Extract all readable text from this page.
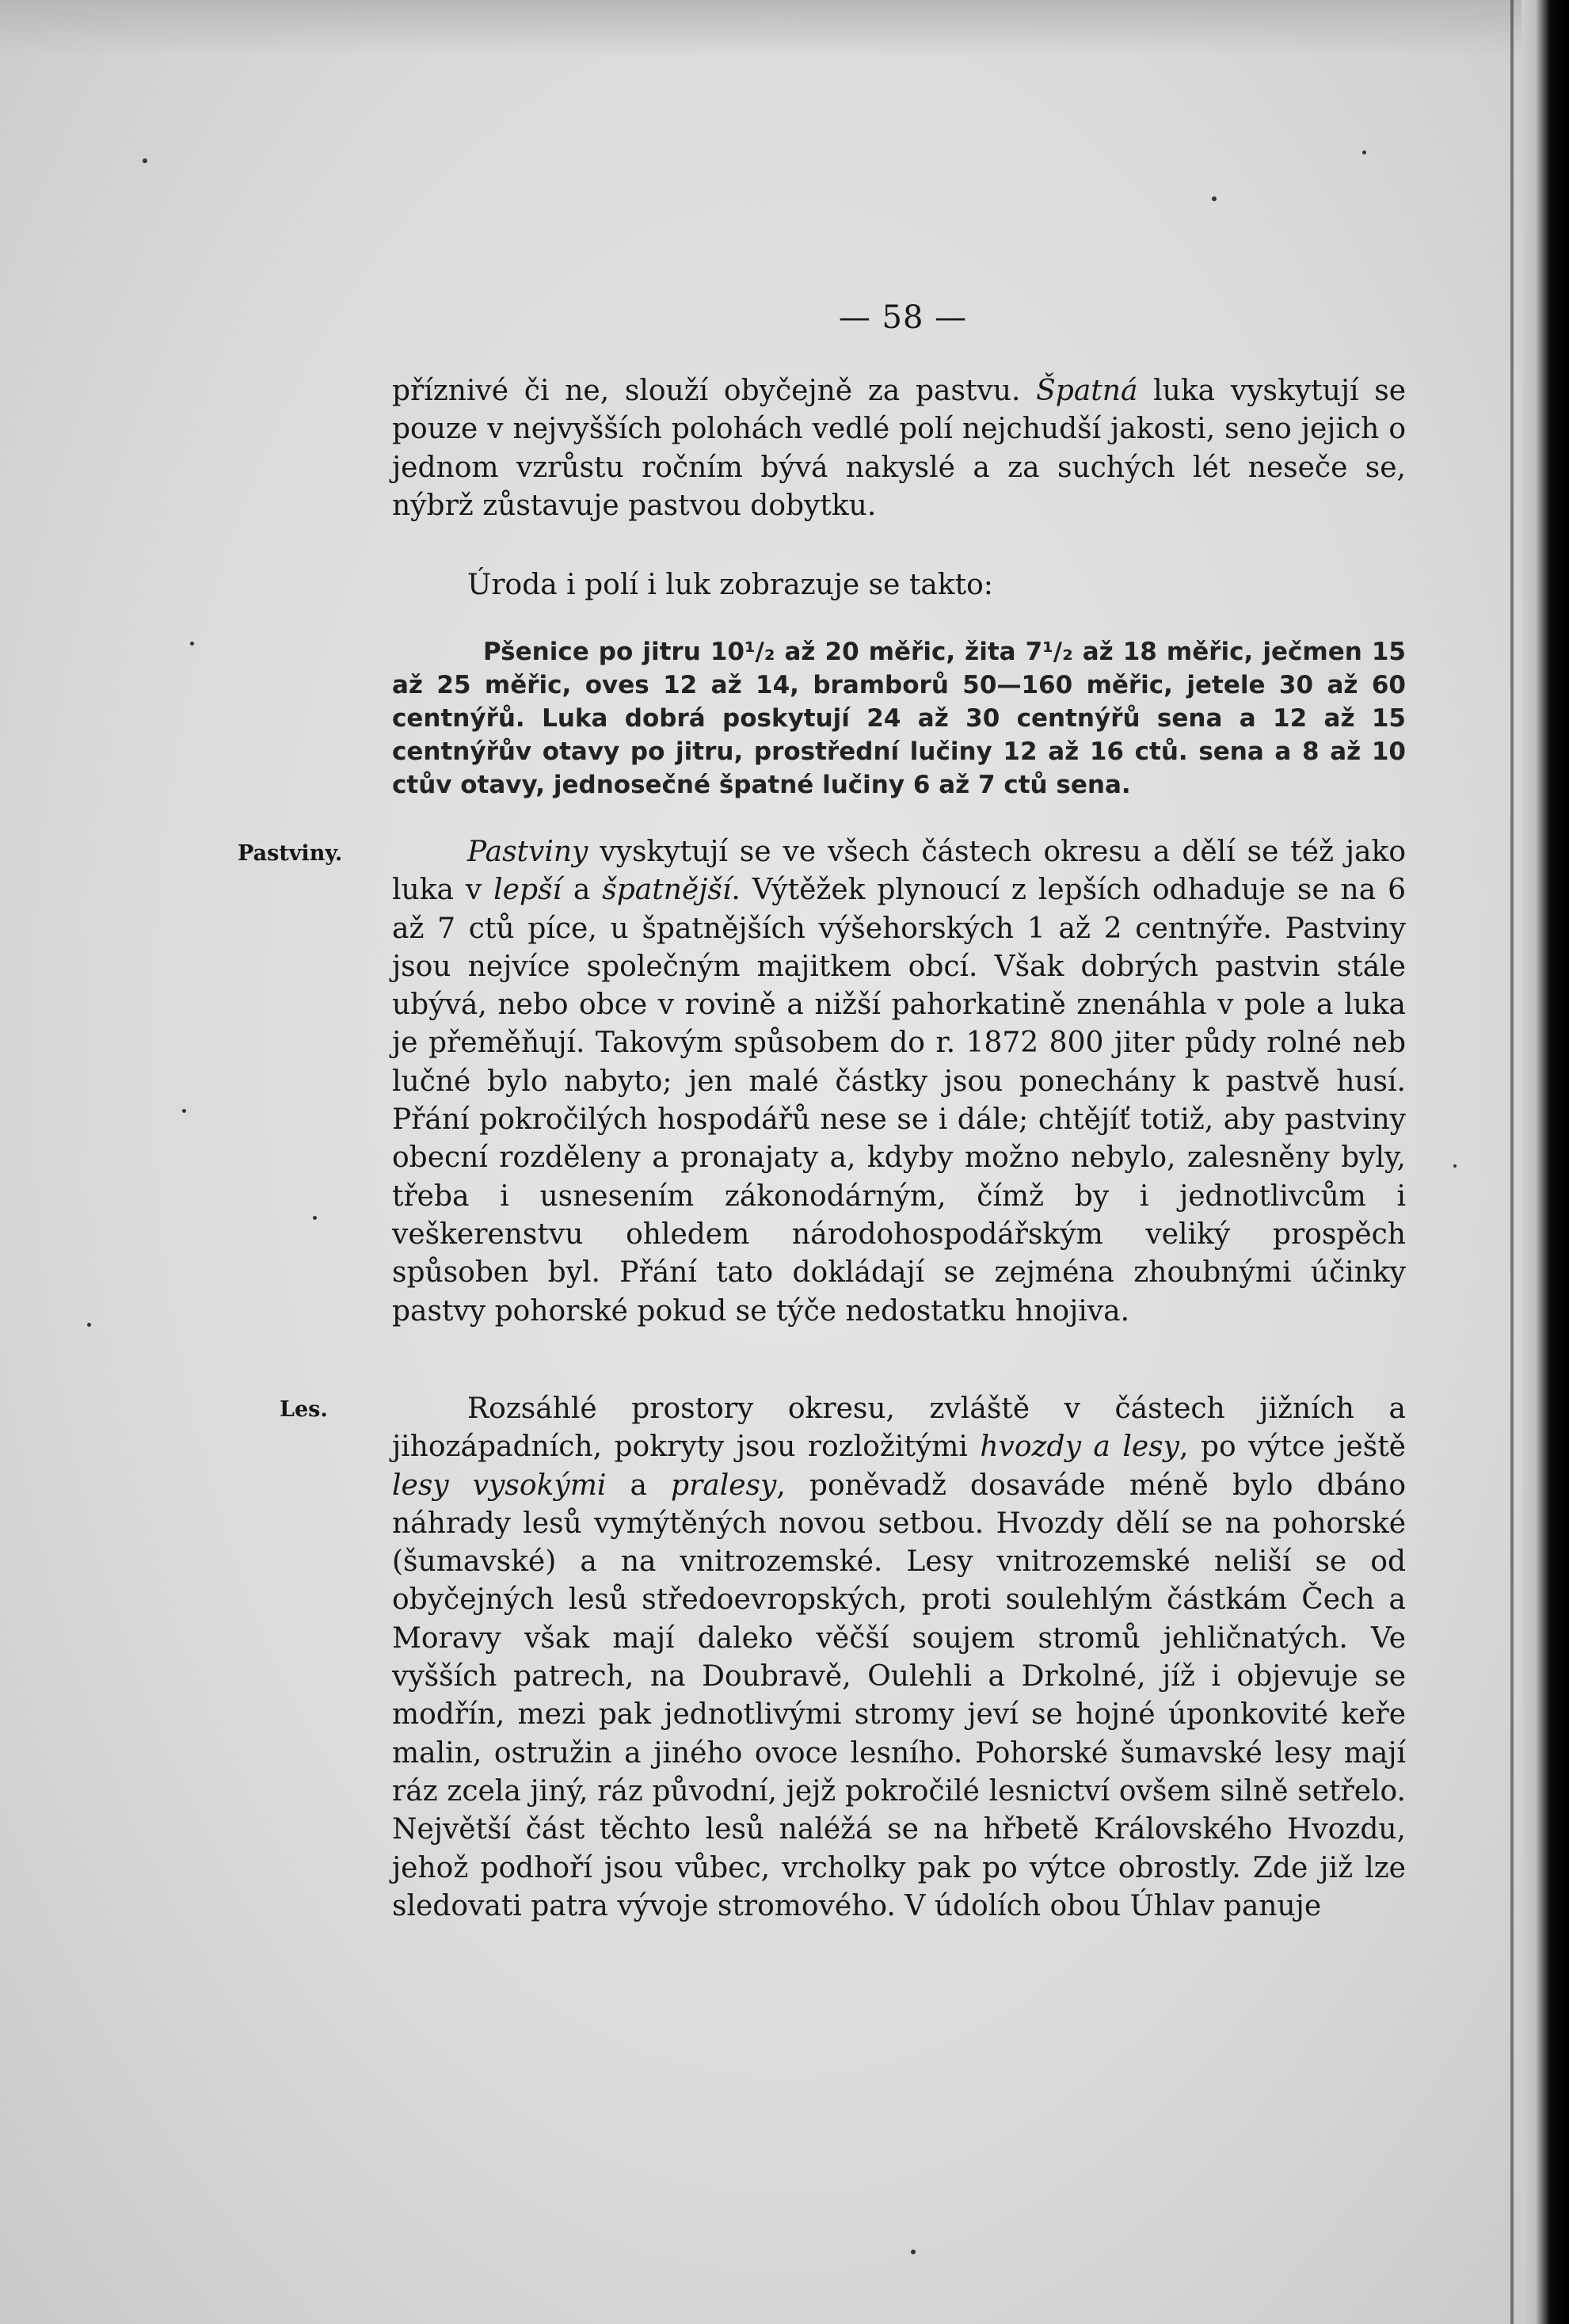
— 58 —
příznivé či ne, slouží obyčejně za pastvu. Špatná luka vyskytují se pouze v nejvyšších polohách vedlé polí nejchudší jakosti, seno jejich o jednom vzrůstu ročním bývá nakyslé a za suchých lét neseče se, nýbrž zůstavuje pastvou dobytku.
Úroda i polí i luk zobrazuje se takto:
Pšenice po jitru 10¹/₂ až 20 měřic, žita 7¹/₂ až 18 měřic, ječmen 15 až 25 měřic, oves 12 až 14, bramborů 50—160 měřic, jetele 30 až 60 centnýřů. Luka dobrá poskytují 24 až 30 centnýřů sena a 12 až 15 centnýřův otavy po jitru, prostřední lučiny 12 až 16 ctů. sena a 8 až 10 ctův otavy, jednosečné špatné lučiny 6 až 7 ctů sena.
Pastviny.	Pastviny vyskytují se ve všech částech okresu a dělí se též jako luka v lepší a špatnější. Výtěžek plynoucí z lepších odhaduje se na 6 až 7 ctů píce, u špatnějších výšehorských 1 až 2 centnýře. Pastviny jsou nejvíce společným majitkem obcí. Však dobrých pastvin stále ubývá, nebo obce v rovině a nižší pahorkatině znenáhla v pole a luka je přeměňují. Takovým spůsobem do r. 1872 800 jiter půdy rolné neb lučné bylo nabyto; jen malé částky jsou ponechány k pastvě husí. Přání pokročilých hospodářů nese se i dále; chtějíť totiž, aby pastviny obecní rozděleny a pronajaty a, kdyby možno nebylo, zalesněny byly, třeba i usnesením zákonodárným, čímž by i jednotlivcům i veškerenstvu ohledem národohospodářským veliký prospěch spůsoben byl. Přání tato dokládají se zejména zhoubnými účinky pastvy pohorské pokud se týče nedostatku hnojiva.
Les.	Rozsáhlé prostory okresu, zvláště v částech jižních a jihozápadních, pokryty jsou rozložitými hvozdy a lesy, po výtce ještě lesy vysokými a pralesy, poněvadž dosaváde méně bylo dbáno náhrady lesů vymýtěných novou setbou. Hvozdy dělí se na pohorské (šumavské) a na vnitrozemské. Lesy vnitrozemské neliší se od obyčejných lesů středoevropských, proti soulehlým částkám Čech a Moravy však mají daleko věčší soujem stromů jehličnatých. Ve vyšších patrech, na Doubravě, Oulehli a Drkolné, jíž i objevuje se modřín, mezi pak jednotlivými stromy jeví se hojné úponkovité keře malin, ostružin a jiného ovoce lesního. Pohorské šumavské lesy mají ráz zcela jiný, ráz původní, jejž pokročilé lesnictví ovšem silně setřelo. Největší část těchto lesů naléžá se na hřbetě Královského Hvozdu, jehož podhoří jsou vůbec, vrcholky pak po výtce obrostly. Zde již lze sledovati patra vývoje stromového. V údolích obou Úhlav panuje
